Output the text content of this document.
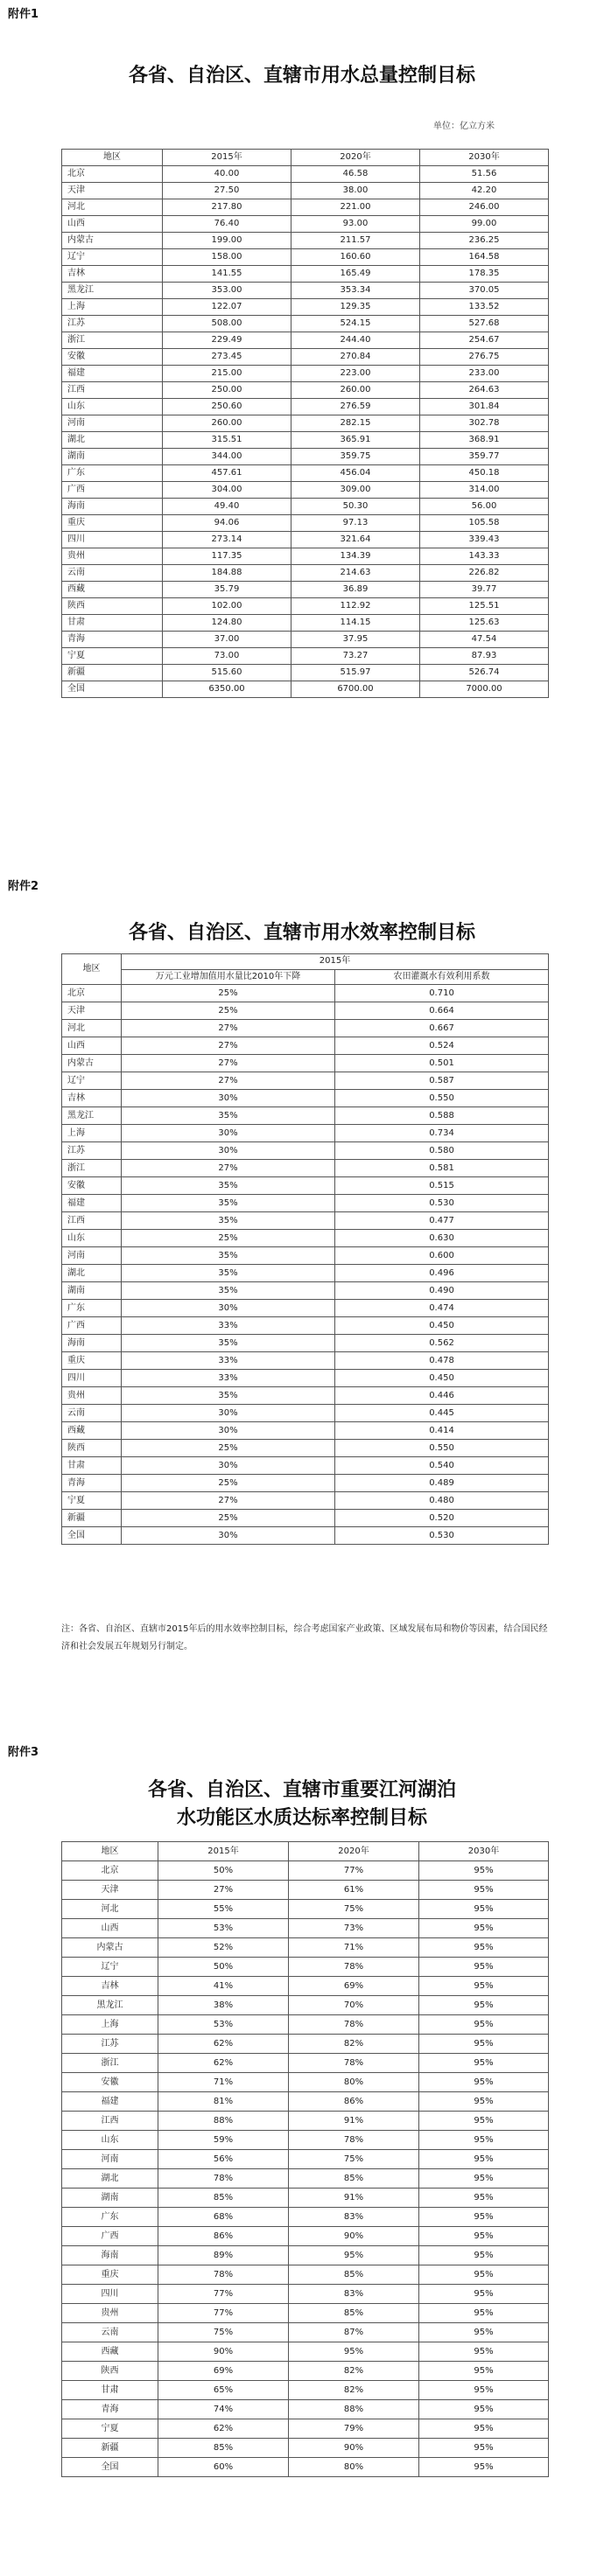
附件1
各省、自治区、直辖市用水总量控制目标
单位：亿立方米
地区	2015年	2020年	2030年
北京	40.00	46.58	51.56
天津	27.50	38.00	42.20
河北	217.80	221.00	246.00
山西	76.40	93.00	99.00
内蒙古	199.00	211.57	236.25
辽宁	158.00	160.60	164.58
吉林	141.55	165.49	178.35
黑龙江	353.00	353.34	370.05
上海	122.07	129.35	133.52
江苏	508.00	524.15	527.68
浙江	229.49	244.40	254.67
安徽	273.45	270.84	276.75
福建	215.00	223.00	233.00
江西	250.00	260.00	264.63
山东	250.60	276.59	301.84
河南	260.00	282.15	302.78
湖北	315.51	365.91	368.91
湖南	344.00	359.75	359.77
广东	457.61	456.04	450.18
广西	304.00	309.00	314.00
海南	49.40	50.30	56.00
重庆	94.06	97.13	105.58
四川	273.14	321.64	339.43
贵州	117.35	134.39	143.33
云南	184.88	214.63	226.82
西藏	35.79	36.89	39.77
陕西	102.00	112.92	125.51
甘肃	124.80	114.15	125.63
青海	37.00	37.95	47.54
宁夏	73.00	73.27	87.93
新疆	515.60	515.97	526.74
全国	6350.00	6700.00	7000.00
附件2
各省、自治区、直辖市用水效率控制目标
地区	2015年	
	万元工业增加值用水量比2010年下降	农田灌溉水有效利用系数
北京	25%	0.710
天津	25%	0.664
河北	27%	0.667
山西	27%	0.524
内蒙古	27%	0.501
辽宁	27%	0.587
吉林	30%	0.550
黑龙江	35%	0.588
上海	30%	0.734
江苏	30%	0.580
浙江	27%	0.581
安徽	35%	0.515
福建	35%	0.530
江西	35%	0.477
山东	25%	0.630
河南	35%	0.600
湖北	35%	0.496
湖南	35%	0.490
广东	30%	0.474
广西	33%	0.450
海南	35%	0.562
重庆	33%	0.478
四川	33%	0.450
贵州	35%	0.446
云南	30%	0.445
西藏	30%	0.414
陕西	25%	0.550
甘肃	30%	0.540
青海	25%	0.489
宁夏	27%	0.480
新疆	25%	0.520
全国	30%	0.530
注：各省、自治区、直辖市2015年后的用水效率控制目标，综合考虑国家产业政策、区域发展布局和物价等因素，结合国民经济和社会发展五年规划另行制定。
附件3
各省、自治区、直辖市重要江河湖泊
水功能区水质达标率控制目标
地区	2015年	2020年	2030年
北京	50%	77%	95%
天津	27%	61%	95%
河北	55%	75%	95%
山西	53%	73%	95%
内蒙古	52%	71%	95%
辽宁	50%	78%	95%
吉林	41%	69%	95%
黑龙江	38%	70%	95%
上海	53%	78%	95%
江苏	62%	82%	95%
浙江	62%	78%	95%
安徽	71%	80%	95%
福建	81%	86%	95%
江西	88%	91%	95%
山东	59%	78%	95%
河南	56%	75%	95%
湖北	78%	85%	95%
湖南	85%	91%	95%
广东	68%	83%	95%
广西	86%	90%	95%
海南	89%	95%	95%
重庆	78%	85%	95%
四川	77%	83%	95%
贵州	77%	85%	95%
云南	75%	87%	95%
西藏	90%	95%	95%
陕西	69%	82%	95%
甘肃	65%	82%	95%
青海	74%	88%	95%
宁夏	62%	79%	95%
新疆	85%	90%	95%
全国	60%	80%	95%
